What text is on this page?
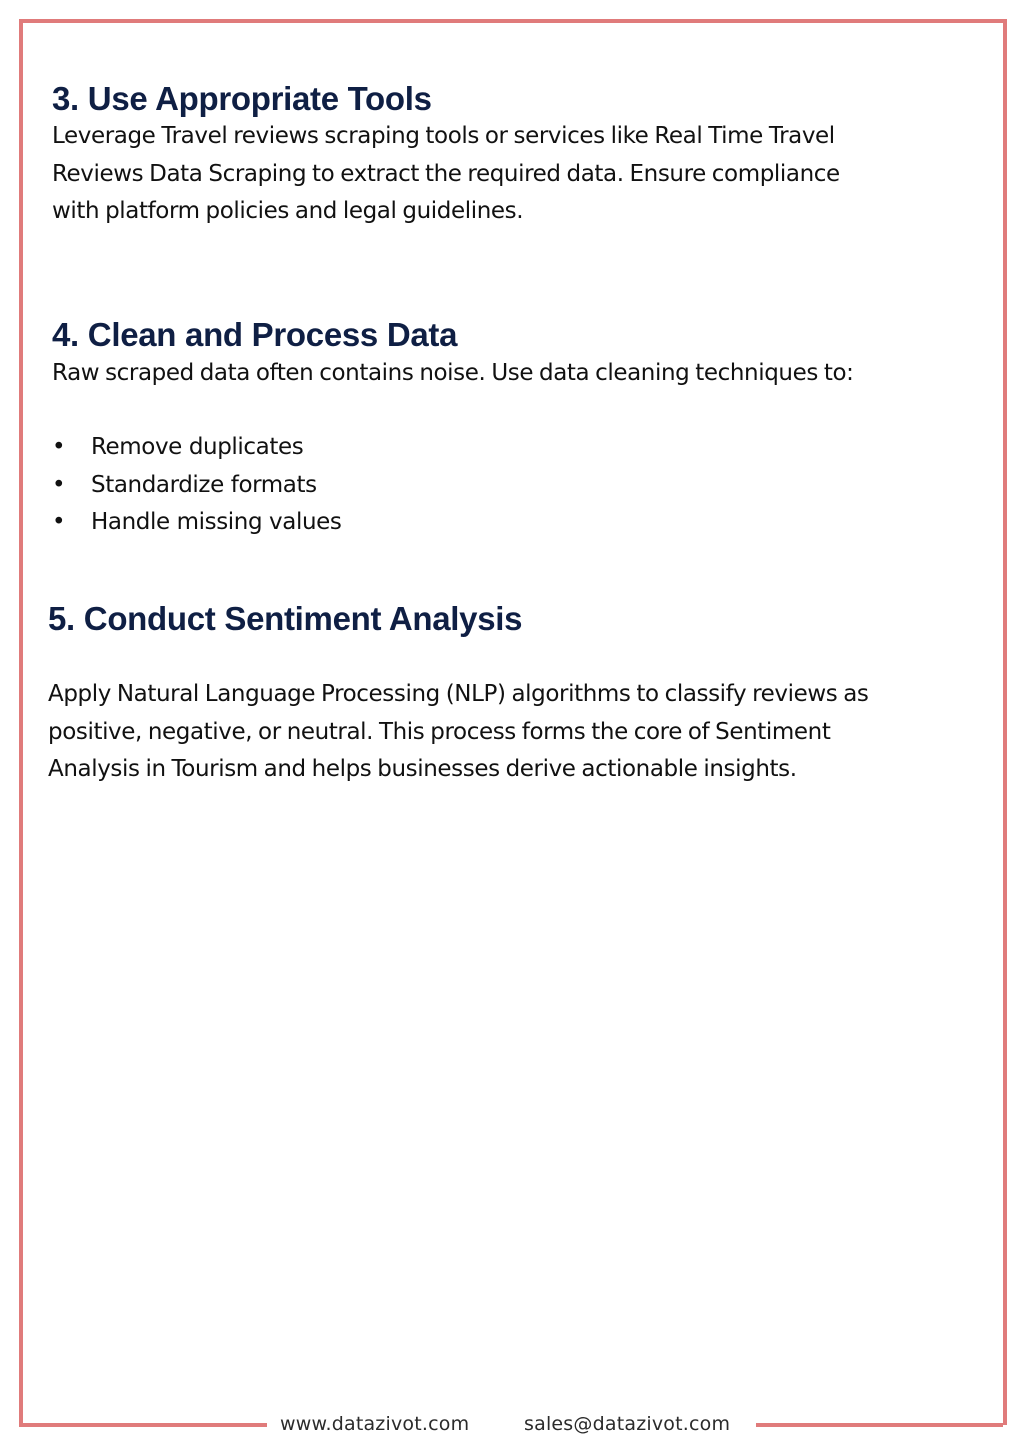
3. Use Appropriate Tools
Leverage Travel reviews scraping tools or services like Real Time Travel
Reviews Data Scraping to extract the required data. Ensure compliance
with platform policies and legal guidelines.
4. Clean and Process Data
Raw scraped data often contains noise. Use data cleaning techniques to:
•	Remove duplicates
•	Standardize formats
•	Handle missing values
5. Conduct Sentiment Analysis
Apply Natural Language Processing (NLP) algorithms to classify reviews as
positive, negative, or neutral. This process forms the core of Sentiment
Analysis in Tourism and helps businesses derive actionable insights.
www.datazivot.com	sales@datazivot.com
